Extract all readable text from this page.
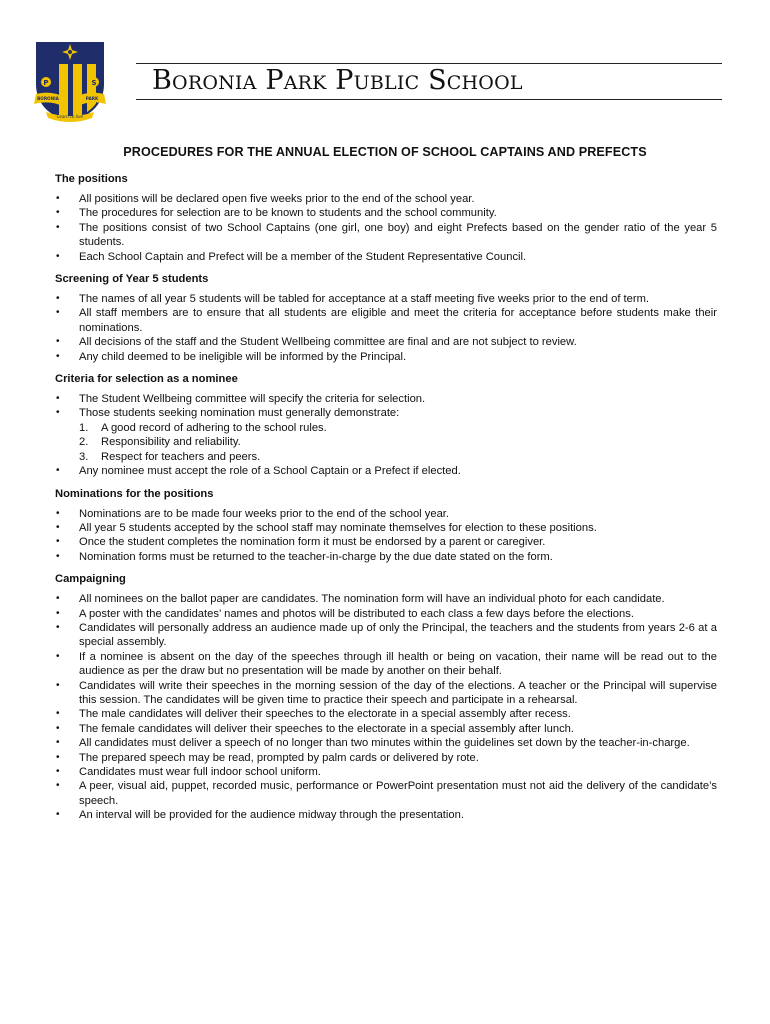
P	S
BORONIA	PARK
Learn to live
Boronia Park Public School
PROCEDURES FOR THE ANNUAL ELECTION OF SCHOOL CAPTAINS AND PREFECTS
The positions
• All positions will be declared open five weeks prior to the end of the school year.
• The procedures for selection are to be known to students and the school community.
• The positions consist of two School Captains (one girl, one boy) and eight Prefects based on the gender ratio of the year 5 students.
• Each School Captain and Prefect will be a member of the Student Representative Council.
Screening of Year 5 students
• The names of all year 5 students will be tabled for acceptance at a staff meeting five weeks prior to the end of term.
• All staff members are to ensure that all students are eligible and meet the criteria for acceptance before students make their nominations.
• All decisions of the staff and the Student Wellbeing committee are final and are not subject to review.
• Any child deemed to be ineligible will be informed by the Principal.
Criteria for selection as a nominee
• The Student Wellbeing committee will specify the criteria for selection.
• Those students seeking nomination must generally demonstrate:
1. A good record of adhering to the school rules.
2. Responsibility and reliability.
3. Respect for teachers and peers.
• Any nominee must accept the role of a School Captain or a Prefect if elected.
Nominations for the positions
• Nominations are to be made four weeks prior to the end of the school year.
• All year 5 students accepted by the school staff may nominate themselves for election to these positions.
• Once the student completes the nomination form it must be endorsed by a parent or caregiver.
• Nomination forms must be returned to the teacher-in-charge by the due date stated on the form.
Campaigning
• All nominees on the ballot paper are candidates. The nomination form will have an individual photo for each candidate.
• A poster with the candidates’ names and photos will be distributed to each class a few days before the elections.
• Candidates will personally address an audience made up of only the Principal, the teachers and the students from years 2-6 at a special assembly.
• If a nominee is absent on the day of the speeches through ill health or being on vacation, their name will be read out to the audience as per the draw but no presentation will be made by another on their behalf.
• Candidates will write their speeches in the morning session of the day of the elections. A teacher or the Principal will supervise this session. The candidates will be given time to practice their speech and participate in a rehearsal.
• The male candidates will deliver their speeches to the electorate in a special assembly after recess.
• The female candidates will deliver their speeches to the electorate in a special assembly after lunch.
• All candidates must deliver a speech of no longer than two minutes within the guidelines set down by the teacher-in-charge.
• The prepared speech may be read, prompted by palm cards or delivered by rote.
• Candidates must wear full indoor school uniform.
• A peer, visual aid, puppet, recorded music, performance or PowerPoint presentation must not aid the delivery of the candidate’s speech.
• An interval will be provided for the audience midway through the presentation.
